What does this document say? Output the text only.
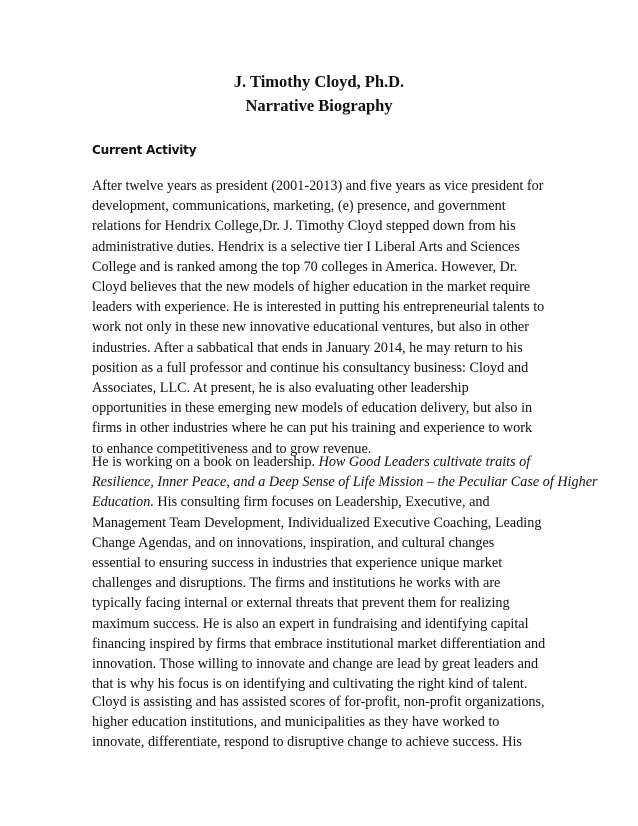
J. Timothy Cloyd, Ph.D.
Narrative Biography
Current Activity

After twelve years as president (2001-2013) and five years as vice president for
development, communications, marketing, (e) presence, and government
relations for Hendrix College,Dr. J. Timothy Cloyd stepped down from his
administrative duties. Hendrix is a selective tier I Liberal Arts and Sciences
College and is ranked among the top 70 colleges in America. However, Dr.
Cloyd believes that the new models of higher education in the market require
leaders with experience. He is interested in putting his entrepreneurial talents to
work not only in these new innovative educational ventures, but also in other
industries. After a sabbatical that ends in January 2014, he may return to his
position as a full professor and continue his consultancy business: Cloyd and
Associates, LLC. At present, he is also evaluating other leadership
opportunities in these emerging new models of education delivery, but also in
firms in other industries where he can put his training and experience to work
to enhance competitiveness and to grow revenue.

He is working on a book on leadership. How Good Leaders cultivate traits of
Resilience, Inner Peace, and a Deep Sense of Life Mission – the Peculiar Case of Higher
Education. His consulting firm focuses on Leadership, Executive, and
Management Team Development, Individualized Executive Coaching, Leading
Change Agendas, and on innovations, inspiration, and cultural changes
essential to ensuring success in industries that experience unique market
challenges and disruptions. The firms and institutions he works with are
typically facing internal or external threats that prevent them for realizing
maximum success. He is also an expert in fundraising and identifying capital
financing inspired by firms that embrace institutional market differentiation and
innovation. Those willing to innovate and change are lead by great leaders and
that is why his focus is on identifying and cultivating the right kind of talent.

Cloyd is assisting and has assisted scores of for-profit, non-profit organizations,
higher education institutions, and municipalities as they have worked to
innovate, differentiate, respond to disruptive change to achieve success. His
